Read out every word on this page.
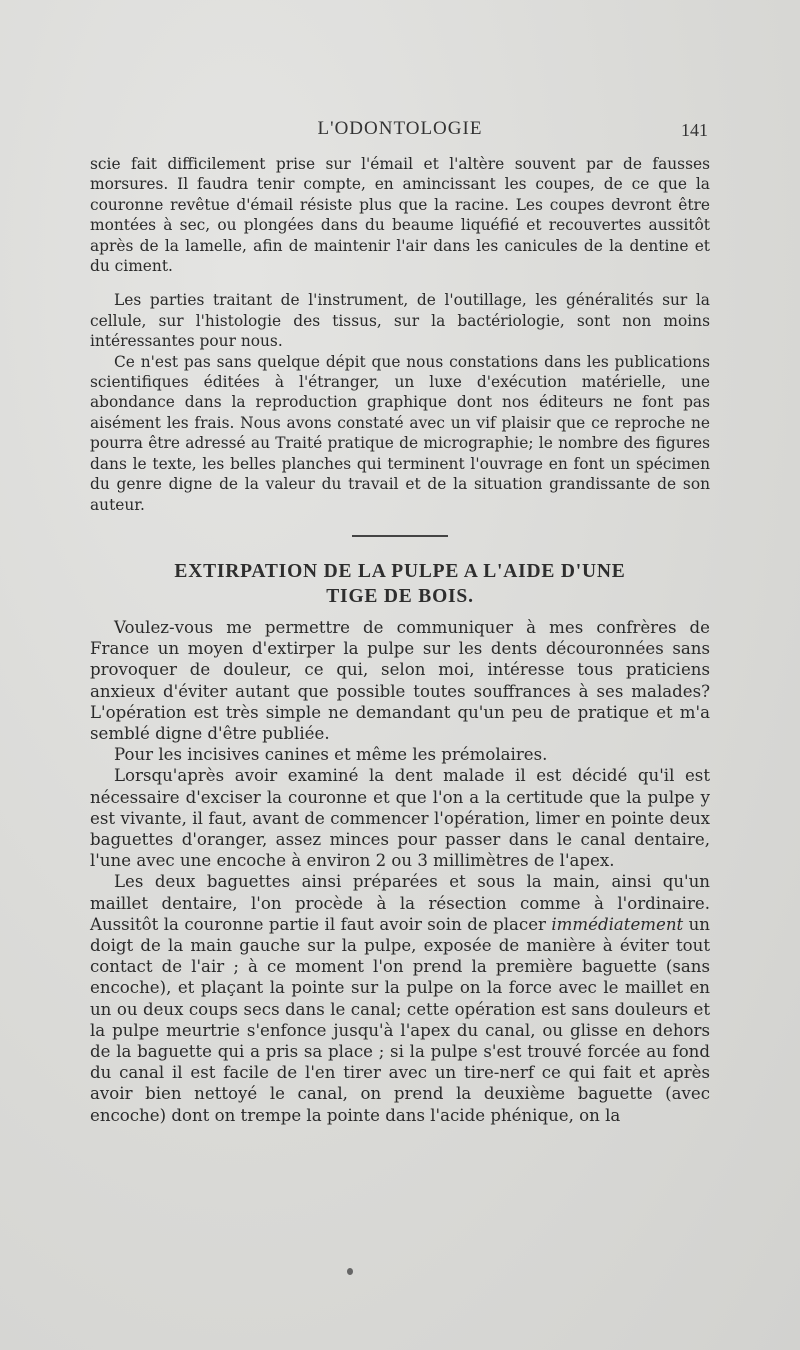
L'ODONTOLOGIE	141

scie fait difficilement prise sur l'émail et l'altère souvent par de fausses morsures. Il faudra tenir compte, en amincissant les coupes, de ce que la couronne revêtue d'émail résiste plus que la racine. Les coupes devront être montées à sec, ou plongées dans du beaume liquéfié et recouvertes aussitôt après de la lamelle, afin de maintenir l'air dans les canicules de la dentine et du ciment.

Les parties traitant de l'instrument, de l'outillage, les généralités sur la cellule, sur l'histologie des tissus, sur la bactériologie, sont non moins intéressantes pour nous.

Ce n'est pas sans quelque dépit que nous constations dans les publications scientifiques éditées à l'étranger, un luxe d'exécution matérielle, une abondance dans la reproduction graphique dont nos éditeurs ne font pas aisément les frais. Nous avons constaté avec un vif plaisir que ce reproche ne pourra être adressé au Traité pratique de micrographie; le nombre des figures dans le texte, les belles planches qui terminent l'ouvrage en font un spécimen du genre digne de la valeur du travail et de la situation grandissante de son auteur.

EXTIRPATION DE LA PULPE A L'AIDE D'UNE
TIGE DE BOIS.

Voulez-vous me permettre de communiquer à mes confrères de France un moyen d'extirper la pulpe sur les dents découronnées sans provoquer de douleur, ce qui, selon moi, intéresse tous praticiens anxieux d'éviter autant que possible toutes souffrances à ses malades? L'opération est très simple ne demandant qu'un peu de pratique et m'a semblé digne d'être publiée.

Pour les incisives canines et même les prémolaires.

Lorsqu'après avoir examiné la dent malade il est décidé qu'il est nécessaire d'exciser la couronne et que l'on a la certitude que la pulpe y est vivante, il faut, avant de commencer l'opération, limer en pointe deux baguettes d'oranger, assez minces pour passer dans le canal dentaire, l'une avec une encoche à environ 2 ou 3 millimètres de l'apex.

Les deux baguettes ainsi préparées et sous la main, ainsi qu'un maillet dentaire, l'on procède à la résection comme à l'ordinaire. Aussitôt la couronne partie il faut avoir soin de placer immédiatement un doigt de la main gauche sur la pulpe, exposée de manière à éviter tout contact de l'air ; à ce moment l'on prend la première baguette (sans encoche), et plaçant la pointe sur la pulpe on la force avec le maillet en un ou deux coups secs dans le canal; cette opération est sans douleurs et la pulpe meurtrie s'enfonce jusqu'à l'apex du canal, ou glisse en dehors de la baguette qui a pris sa place ; si la pulpe s'est trouvé forcée au fond du canal il est facile de l'en tirer avec un tire-nerf ce qui fait et après avoir bien nettoyé le canal, on prend la deuxième baguette (avec encoche) dont on trempe la pointe dans l'acide phénique, on la
